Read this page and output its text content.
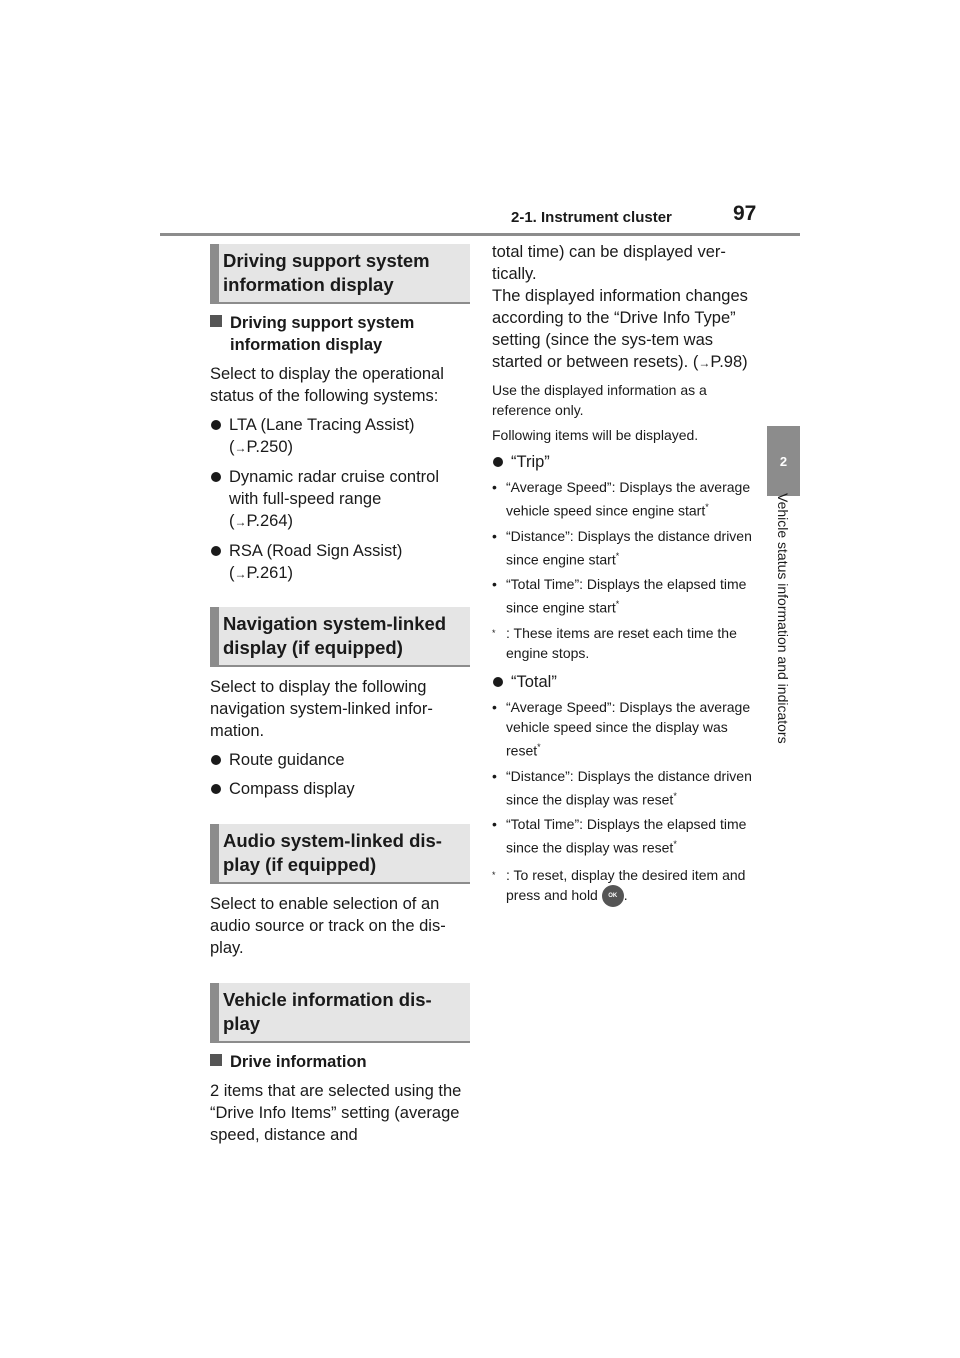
2-1. Instrument cluster	97
2
Vehicle status information and indicators
Driving support system information display
Driving support system information display

Select to display the operational status of the following systems:

LTA (Lane Tracing Assist)
(→P.250)
Dynamic radar cruise control with full-speed range
(→P.264)
RSA (Road Sign Assist)
(→P.261)
Navigation system-linked display (if equipped)

Select to display the following navigation system-linked infor-mation.

Route guidance
Compass display
Audio system-linked dis-play (if equipped)

Select to enable selection of an audio source or track on the dis-play.

Vehicle information dis-play
Drive information

2 items that are selected using the “Drive Info Items” setting (average speed, distance and

total time) can be displayed ver-tically.

The displayed information changes according to the “Drive Info Type” setting (since the sys-tem was started or between resets). (→P.98)

Use the displayed information as a reference only.

Following items will be displayed.

“Trip”
• “Average Speed”: Displays the average vehicle speed since engine start*
• “Distance”: Displays the distance driven since engine start*
• “Total Time”: Displays the elapsed time since engine start*
* : These items are reset each time the engine stops.
“Total”
• “Average Speed”: Displays the average vehicle speed since the display was reset*
• “Distance”: Displays the distance driven since the display was reset*
• “Total Time”: Displays the elapsed time since the display was reset*
* : To reset, display the desired item and press and hold OK .
